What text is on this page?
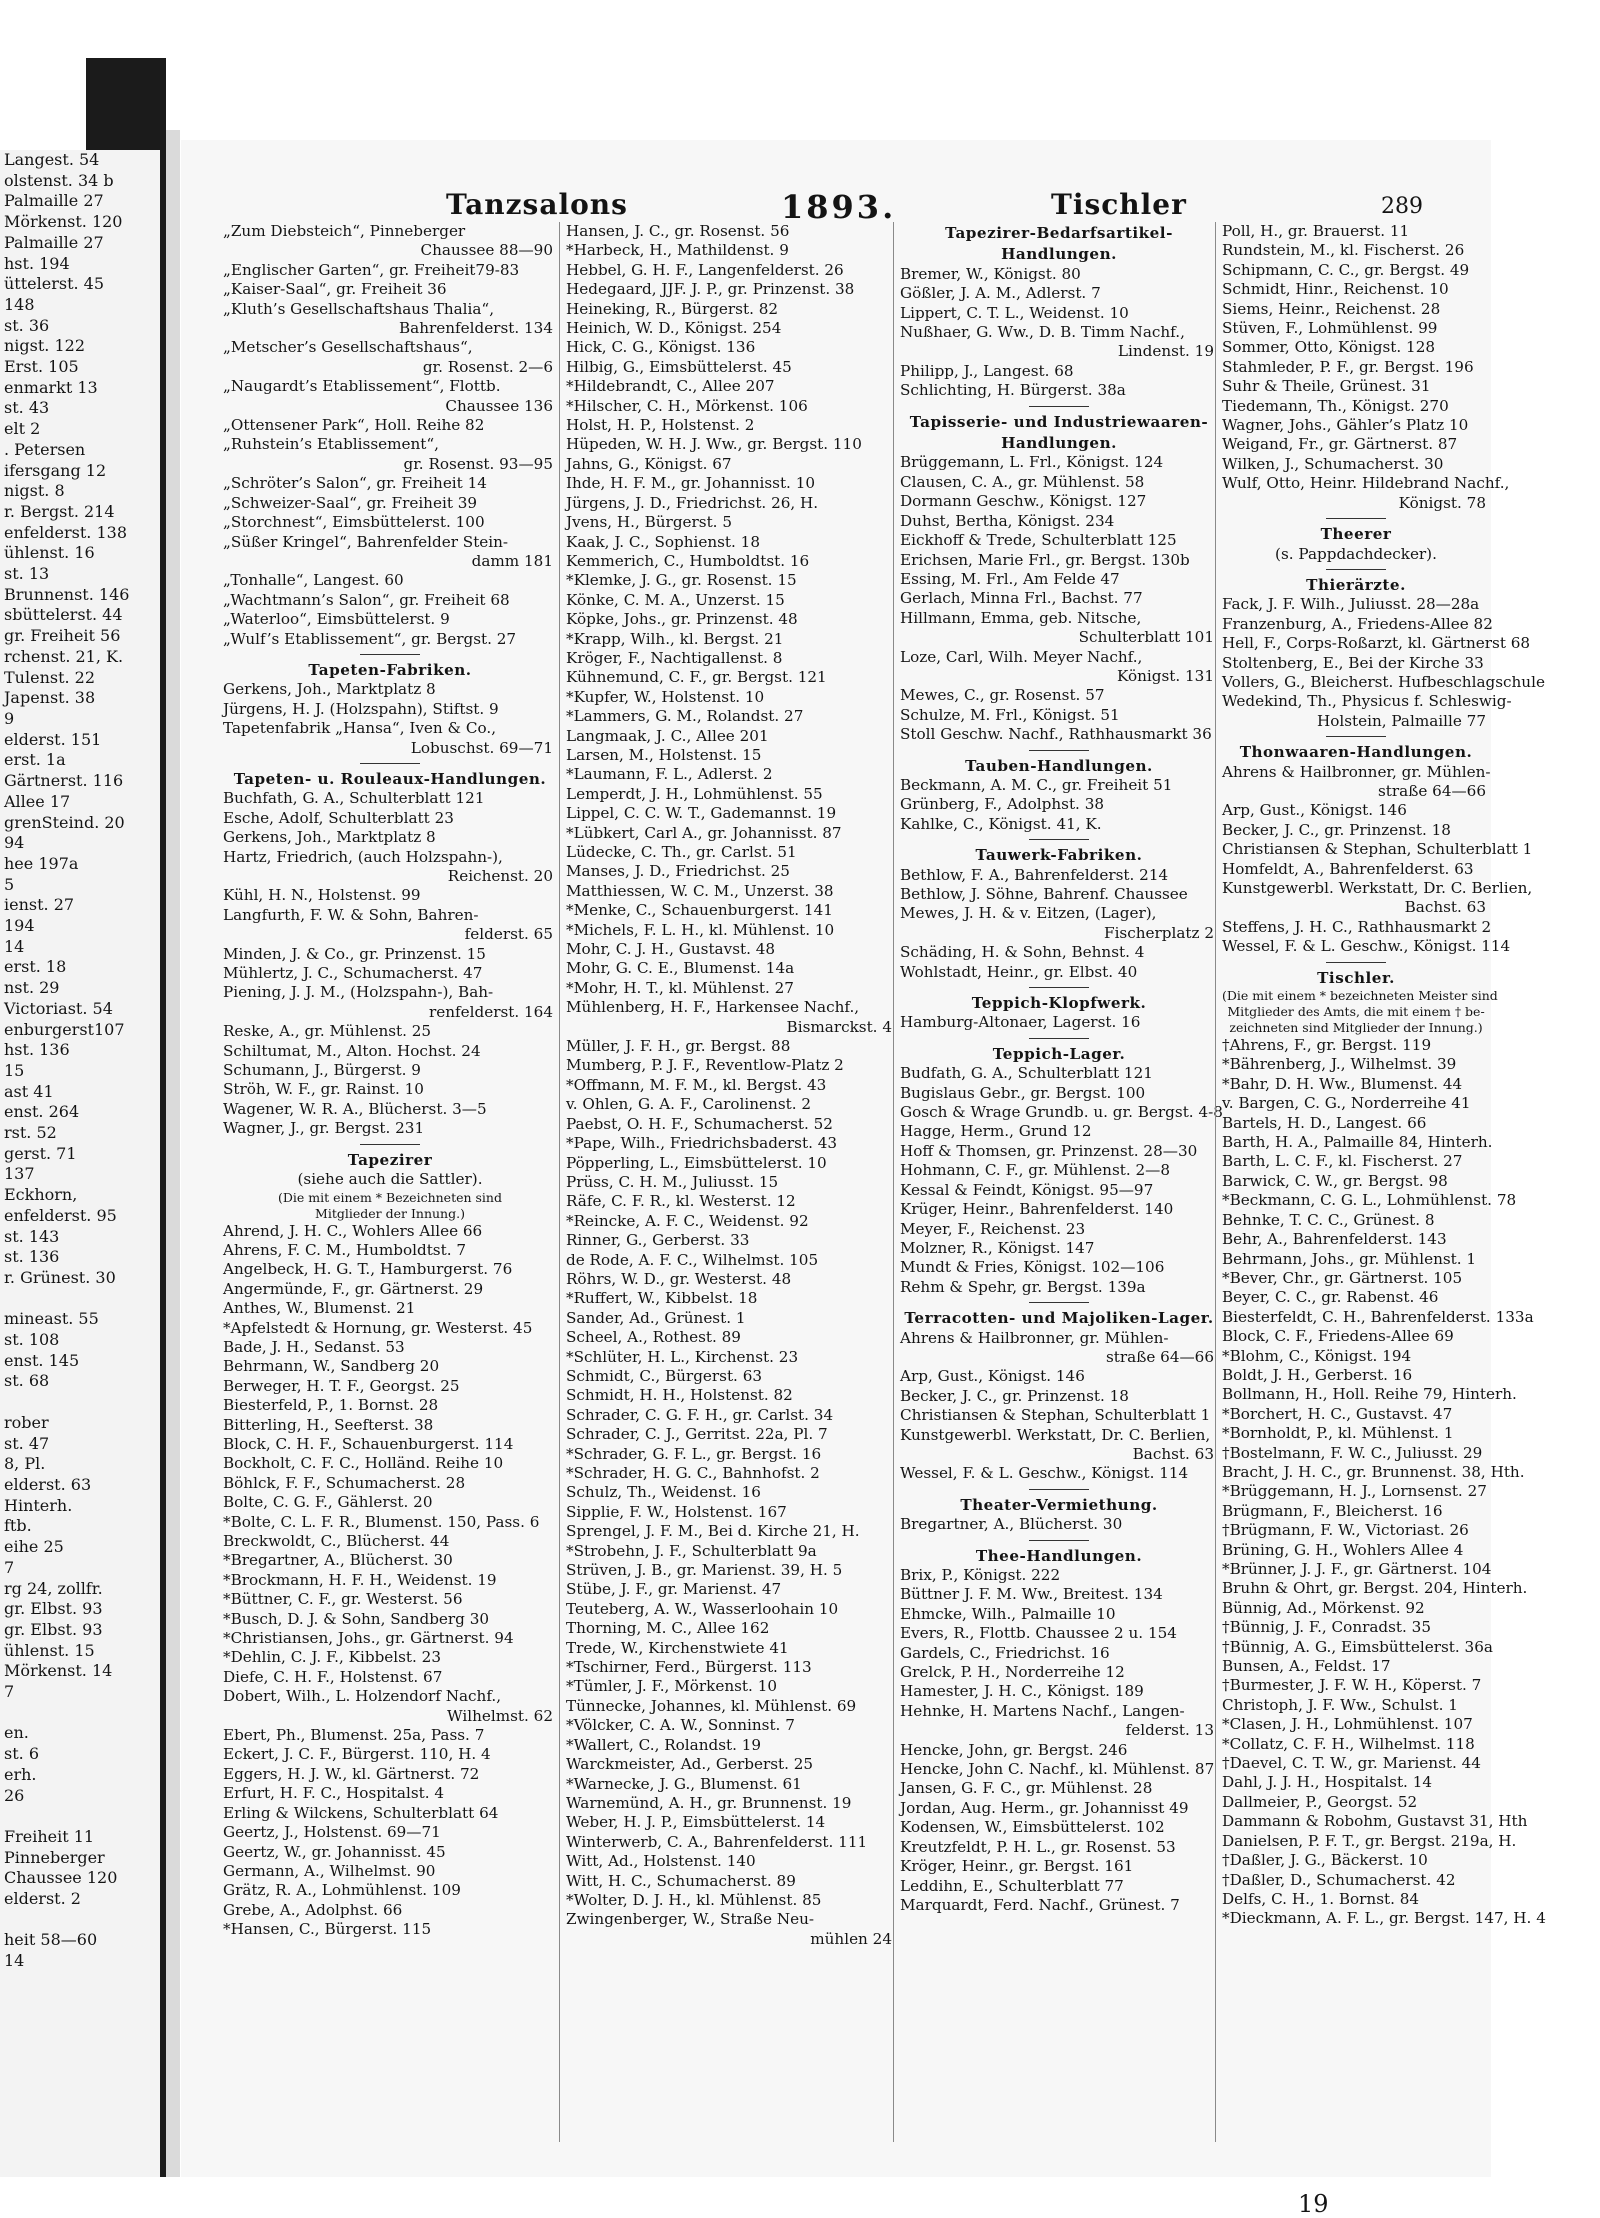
Langest. 54
olstenst. 34 b
Palmaille 27
Mörkenst. 120
Palmaille 27
hst. 194
üttelerst. 45
148
st. 36
nigst. 122
Erst. 105
enmarkt 13
st. 43
elt 2
. Petersen
ifersgang 12
nigst. 8
r. Bergst. 214
enfelderst. 138
ühlenst. 16
st. 13
Brunnenst. 146
sbüttelerst. 44
gr. Freiheit 56
rchenst. 21, K.
Tulenst. 22
Japenst. 38
9
elderst. 151
erst. 1a
Gärtnerst. 116
Allee 17
grenSteind. 20
94
hee 197a
5
ienst. 27
194
14
erst. 18
nst. 29
Victoriast. 54
enburgerst107
hst. 136
15
ast 41
enst. 264
rst. 52
gerst. 71
137
Eckhorn,
enfelderst. 95
st. 143
st. 136
r. Grünest. 30

mineast. 55
st. 108
enst. 145
st. 68

rober
st. 47
8, Pl.
elderst. 63
Hinterh.
ftb.
eihe 25
7
rg 24, zollfr.
gr. Elbst. 93
gr. Elbst. 93
ühlenst. 15
Mörkenst. 14
7

en.
st. 6
erh.
26

Freiheit 11
Pinneberger
Chaussee 120
elderst. 2

heit 58—60
14
Tanzsalons	1893.	Tischler	289
„Zum Diebsteich“, Pinneberger
Chaussee 88—90
„Englischer Garten“, gr. Freiheit79-83
„Kaiser-Saal“, gr. Freiheit 36
„Kluth’s Gesellschaftshaus Thalia“,
Bahrenfelderst. 134
„Metscher’s Gesellschaftshaus“,
gr. Rosenst. 2—6
„Naugardt’s Etablissement“, Flottb.
Chaussee 136
„Ottensener Park“, Holl. Reihe 82
„Ruhstein’s Etablissement“,
gr. Rosenst. 93—95
„Schröter’s Salon“, gr. Freiheit 14
„Schweizer-Saal“, gr. Freiheit 39
„Storchnest“, Eimsbüttelerst. 100
„Süßer Kringel“, Bahrenfelder Stein-
damm 181
„Tonhalle“, Langest. 60
„Wachtmann’s Salon“, gr. Freiheit 68
„Waterloo“, Eimsbüttelerst. 9
„Wulf’s Etablissement“, gr. Bergst. 27
Tapeten-Fabriken.
Gerkens, Joh., Marktplatz 8
Jürgens, H. J. (Holzspahn), Stiftst. 9
Tapetenfabrik „Hansa“, Iven & Co.,
Lobuschst. 69—71
Tapeten- u. Rouleaux-Handlungen.
Buchfath, G. A., Schulterblatt 121
Esche, Adolf, Schulterblatt 23
Gerkens, Joh., Marktplatz 8
Hartz, Friedrich, (auch Holzspahn-),
Reichenst. 20
Kühl, H. N., Holstenst. 99
Langfurth, F. W. & Sohn, Bahren-
felderst. 65
Minden, J. & Co., gr. Prinzenst. 15
Mühlertz, J. C., Schumacherst. 47
Piening, J. J. M., (Holzspahn-), Bah-
renfelderst. 164
Reske, A., gr. Mühlenst. 25
Schiltumat, M., Alton. Hochst. 24
Schumann, J., Bürgerst. 9
Ströh, W. F., gr. Rainst. 10
Wagener, W. R. A., Blücherst. 3—5
Wagner, J., gr. Bergst. 231
Tapezirer
(siehe auch die Sattler).
(Die mit einem * Bezeichneten sind
Mitglieder der Innung.)
Ahrend, J. H. C., Wohlers Allee 66
Ahrens, F. C. M., Humboldtst. 7
Angelbeck, H. G. T., Hamburgerst. 76
Angermünde, F., gr. Gärtnerst. 29
Anthes, W., Blumenst. 21
*Apfelstedt & Hornung, gr. Westerst. 45
Bade, J. H., Sedanst. 53
Behrmann, W., Sandberg 20
Berweger, H. T. F., Georgst. 25
Biesterfeld, P., 1. Bornst. 28
Bitterling, H., Seefterst. 38
Block, C. H. F., Schauenburgerst. 114
Bockholt, C. F. C., Holländ. Reihe 10
Böhlck, F. F., Schumacherst. 28
Bolte, C. G. F., Gählerst. 20
*Bolte, C. L. F. R., Blumenst. 150, Pass. 6
Breckwoldt, C., Blücherst. 44
*Bregartner, A., Blücherst. 30
*Brockmann, H. F. H., Weidenst. 19
*Büttner, C. F., gr. Westerst. 56
*Busch, D. J. & Sohn, Sandberg 30
*Christiansen, Johs., gr. Gärtnerst. 94
*Dehlin, C. J. F., Kibbelst. 23
Diefe, C. H. F., Holstenst. 67
Dobert, Wilh., L. Holzendorf Nachf.,
Wilhelmst. 62
Ebert, Ph., Blumenst. 25a, Pass. 7
Eckert, J. C. F., Bürgerst. 110, H. 4
Eggers, H. J. W., kl. Gärtnerst. 72
Erfurt, H. F. C., Hospitalst. 4
Erling & Wilckens, Schulterblatt 64
Geertz, J., Holstenst. 69—71
Geertz, W., gr. Johannisst. 45
Germann, A., Wilhelmst. 90
Grätz, R. A., Lohmühlenst. 109
Grebe, A., Adolphst. 66
*Hansen, C., Bürgerst. 115
Hansen, J. C., gr. Rosenst. 56
*Harbeck, H., Mathildenst. 9
Hebbel, G. H. F., Langenfelderst. 26
Hedegaard, JJF. J. P., gr. Prinzenst. 38
Heineking, R., Bürgerst. 82
Heinich, W. D., Königst. 254
Hick, C. G., Königst. 136
Hilbig, G., Eimsbüttelerst. 45
*Hildebrandt, C., Allee 207
*Hilscher, C. H., Mörkenst. 106
Holst, H. P., Holstenst. 2
Hüpeden, W. H. J. Ww., gr. Bergst. 110
Jahns, G., Königst. 67
Ihde, H. F. M., gr. Johannisst. 10
Jürgens, J. D., Friedrichst. 26, H.
Jvens, H., Bürgerst. 5
Kaak, J. C., Sophienst. 18
Kemmerich, C., Humboldtst. 16
*Klemke, J. G., gr. Rosenst. 15
Könke, C. M. A., Unzerst. 15
Köpke, Johs., gr. Prinzenst. 48
*Krapp, Wilh., kl. Bergst. 21
Kröger, F., Nachtigallenst. 8
Kühnemund, C. F., gr. Bergst. 121
*Kupfer, W., Holstenst. 10
*Lammers, G. M., Rolandst. 27
Langmaak, J. C., Allee 201
Larsen, M., Holstenst. 15
*Laumann, F. L., Adlerst. 2
Lemperdt, J. H., Lohmühlenst. 55
Lippel, C. C. W. T., Gademannst. 19
*Lübkert, Carl A., gr. Johannisst. 87
Lüdecke, C. Th., gr. Carlst. 51
Manses, J. D., Friedrichst. 25
Matthiessen, W. C. M., Unzerst. 38
*Menke, C., Schauenburgerst. 141
*Michels, F. L. H., kl. Mühlenst. 10
Mohr, C. J. H., Gustavst. 48
Mohr, G. C. E., Blumenst. 14a
*Mohr, H. T., kl. Mühlenst. 27
Mühlenberg, H. F., Harkensee Nachf.,
Bismarckst. 4
Müller, J. F. H., gr. Bergst. 88
Mumberg, P. J. F., Reventlow-Platz 2
*Offmann, M. F. M., kl. Bergst. 43
v. Ohlen, G. A. F., Carolinenst. 2
Paebst, O. H. F., Schumacherst. 52
*Pape, Wilh., Friedrichsbaderst. 43
Pöpperling, L., Eimsbüttelerst. 10
Prüss, C. H. M., Juliusst. 15
Räfe, C. F. R., kl. Westerst. 12
*Reincke, A. F. C., Weidenst. 92
Rinner, G., Gerberst. 33
de Rode, A. F. C., Wilhelmst. 105
Röhrs, W. D., gr. Westerst. 48
*Ruffert, W., Kibbelst. 18
Sander, Ad., Grünest. 1
Scheel, A., Rothest. 89
*Schlüter, H. L., Kirchenst. 23
Schmidt, C., Bürgerst. 63
Schmidt, H. H., Holstenst. 82
Schrader, C. G. F. H., gr. Carlst. 34
Schrader, C. J., Gerritst. 22a, Pl. 7
*Schrader, G. F. L., gr. Bergst. 16
*Schrader, H. G. C., Bahnhofst. 2
Schulz, Th., Weidenst. 16
Sipplie, F. W., Holstenst. 167
Sprengel, J. F. M., Bei d. Kirche 21, H.
*Strobehn, J. F., Schulterblatt 9a
Strüven, J. B., gr. Marienst. 39, H. 5
Stübe, J. F., gr. Marienst. 47
Teuteberg, A. W., Wasserloohain 10
Thorning, M. C., Allee 162
Trede, W., Kirchenstwiete 41
*Tschirner, Ferd., Bürgerst. 113
*Tümler, J. F., Mörkenst. 10
Tünnecke, Johannes, kl. Mühlenst. 69
*Völcker, C. A. W., Sonninst. 7
*Wallert, C., Rolandst. 19
Warckmeister, Ad., Gerberst. 25
*Warnecke, J. G., Blumenst. 61
Warnemünd, A. H., gr. Brunnenst. 19
Weber, H. J. P., Eimsbüttelerst. 14
Winterwerb, C. A., Bahrenfelderst. 111
Witt, Ad., Holstenst. 140
Witt, H. C., Schumacherst. 89
*Wolter, D. J. H., kl. Mühlenst. 85
Zwingenberger, W., Straße Neu-
mühlen 24
Tapezirer-Bedarfsartikel-
Handlungen.
Bremer, W., Königst. 80
Gößler, J. A. M., Adlerst. 7
Lippert, C. T. L., Weidenst. 10
Nußhaer, G. Ww., D. B. Timm Nachf.,
Lindenst. 19
Philipp, J., Langest. 68
Schlichting, H. Bürgerst. 38a
Tapisserie- und Industriewaaren-
Handlungen.
Brüggemann, L. Frl., Königst. 124
Clausen, C. A., gr. Mühlenst. 58
Dormann Geschw., Königst. 127
Duhst, Bertha, Königst. 234
Eickhoff & Trede, Schulterblatt 125
Erichsen, Marie Frl., gr. Bergst. 130b
Essing, M. Frl., Am Felde 47
Gerlach, Minna Frl., Bachst. 77
Hillmann, Emma, geb. Nitsche,
Schulterblatt 101
Loze, Carl, Wilh. Meyer Nachf.,
Königst. 131
Mewes, C., gr. Rosenst. 57
Schulze, M. Frl., Königst. 51
Stoll Geschw. Nachf., Rathhausmarkt 36
Tauben-Handlungen.
Beckmann, A. M. C., gr. Freiheit 51
Grünberg, F., Adolphst. 38
Kahlke, C., Königst. 41, K.
Tauwerk-Fabriken.
Bethlow, F. A., Bahrenfelderst. 214
Bethlow, J. Söhne, Bahrenf. Chaussee
Mewes, J. H. & v. Eitzen, (Lager),
Fischerplatz 2
Schäding, H. & Sohn, Behnst. 4
Wohlstadt, Heinr., gr. Elbst. 40
Teppich-Klopfwerk.
Hamburg-Altonaer, Lagerst. 16
Teppich-Lager.
Budfath, G. A., Schulterblatt 121
Bugislaus Gebr., gr. Bergst. 100
Gosch & Wrage Grundb. u. gr. Bergst. 4-8
Hagge, Herm., Grund 12
Hoff & Thomsen, gr. Prinzenst. 28—30
Hohmann, C. F., gr. Mühlenst. 2—8
Kessal & Feindt, Königst. 95—97
Krüger, Heinr., Bahrenfelderst. 140
Meyer, F., Reichenst. 23
Molzner, R., Königst. 147
Mundt & Fries, Königst. 102—106
Rehm & Spehr, gr. Bergst. 139a
Terracotten- und Majoliken-Lager.
Ahrens & Hailbronner, gr. Mühlen-
straße 64—66
Arp, Gust., Königst. 146
Becker, J. C., gr. Prinzenst. 18
Christiansen & Stephan, Schulterblatt 1
Kunstgewerbl. Werkstatt, Dr. C. Berlien,
Bachst. 63
Wessel, F. & L. Geschw., Königst. 114
Theater-Vermiethung.
Bregartner, A., Blücherst. 30
Thee-Handlungen.
Brix, P., Königst. 222
Büttner J. F. M. Ww., Breitest. 134
Ehmcke, Wilh., Palmaille 10
Evers, R., Flottb. Chaussee 2 u. 154
Gardels, C., Friedrichst. 16
Grelck, P. H., Norderreihe 12
Hamester, J. H. C., Königst. 189
Hehnke, H. Martens Nachf., Langen-
felderst. 13
Hencke, John, gr. Bergst. 246
Hencke, John C. Nachf., kl. Mühlenst. 87
Jansen, G. F. C., gr. Mühlenst. 28
Jordan, Aug. Herm., gr. Johannisst 49
Kodensen, W., Eimsbüttelerst. 102
Kreutzfeldt, P. H. L., gr. Rosenst. 53
Kröger, Heinr., gr. Bergst. 161
Leddihn, E., Schulterblatt 77
Marquardt, Ferd. Nachf., Grünest. 7
Poll, H., gr. Brauerst. 11
Rundstein, M., kl. Fischerst. 26
Schipmann, C. C., gr. Bergst. 49
Schmidt, Hinr., Reichenst. 10
Siems, Heinr., Reichenst. 28
Stüven, F., Lohmühlenst. 99
Sommer, Otto, Königst. 128
Stahmleder, P. F., gr. Bergst. 196
Suhr & Theile, Grünest. 31
Tiedemann, Th., Königst. 270
Wagner, Johs., Gähler’s Platz 10
Weigand, Fr., gr. Gärtnerst. 87
Wilken, J., Schumacherst. 30
Wulf, Otto, Heinr. Hildebrand Nachf.,
Königst. 78
Theerer
(s. Pappdachdecker).
Thierärzte.
Fack, J. F. Wilh., Juliusst. 28—28a
Franzenburg, A., Friedens-Allee 82
Hell, F., Corps-Roßarzt, kl. Gärtnerst 68
Stoltenberg, E., Bei der Kirche 33
Vollers, G., Bleicherst. Hufbeschlagschule
Wedekind, Th., Physicus f. Schleswig-
Holstein, Palmaille 77
Thonwaaren-Handlungen.
Ahrens & Hailbronner, gr. Mühlen-
straße 64—66
Arp, Gust., Königst. 146
Becker, J. C., gr. Prinzenst. 18
Christiansen & Stephan, Schulterblatt 1
Homfeldt, A., Bahrenfelderst. 63
Kunstgewerbl. Werkstatt, Dr. C. Berlien,
Bachst. 63
Steffens, J. H. C., Rathhausmarkt 2
Wessel, F. & L. Geschw., Königst. 114
Tischler.
(Die mit einem * bezeichneten Meister sind
Mitglieder des Amts, die mit einem † be-
zeichneten sind Mitglieder der Innung.)
†Ahrens, F., gr. Bergst. 119
*Bährenberg, J., Wilhelmst. 39
*Bahr, D. H. Ww., Blumenst. 44
v. Bargen, C. G., Norderreihe 41
Bartels, H. D., Langest. 66
Barth, H. A., Palmaille 84, Hinterh.
Barth, L. C. F., kl. Fischerst. 27
Barwick, C. W., gr. Bergst. 98
*Beckmann, C. G. L., Lohmühlenst. 78
Behnke, T. C. C., Grünest. 8
Behr, A., Bahrenfelderst. 143
Behrmann, Johs., gr. Mühlenst. 1
*Bever, Chr., gr. Gärtnerst. 105
Beyer, C. C., gr. Rabenst. 46
Biesterfeldt, C. H., Bahrenfelderst. 133a
Block, C. F., Friedens-Allee 69
*Blohm, C., Königst. 194
Boldt, J. H., Gerberst. 16
Bollmann, H., Holl. Reihe 79, Hinterh.
*Borchert, H. C., Gustavst. 47
*Bornholdt, P., kl. Mühlenst. 1
†Bostelmann, F. W. C., Juliusst. 29
Bracht, J. H. C., gr. Brunnenst. 38, Hth.
*Brüggemann, H. J., Lornsenst. 27
Brügmann, F., Bleicherst. 16
†Brügmann, F. W., Victoriast. 26
Brüning, G. H., Wohlers Allee 4
*Brünner, J. J. F., gr. Gärtnerst. 104
Bruhn & Ohrt, gr. Bergst. 204, Hinterh.
Bünnig, Ad., Mörkenst. 92
†Bünnig, J. F., Conradst. 35
†Bünnig, A. G., Eimsbüttelerst. 36a
Bunsen, A., Feldst. 17
†Burmester, J. F. W. H., Köperst. 7
Christoph, J. F. Ww., Schulst. 1
*Clasen, J. H., Lohmühlenst. 107
*Collatz, C. F. H., Wilhelmst. 118
†Daevel, C. T. W., gr. Marienst. 44
Dahl, J. J. H., Hospitalst. 14
Dallmeier, P., Georgst. 52
Dammann & Robohm, Gustavst 31, Hth
Danielsen, P. F. T., gr. Bergst. 219a, H.
†Daßler, J. G., Bäckerst. 10
†Daßler, D., Schumacherst. 42
Delfs, C. H., 1. Bornst. 84
*Dieckmann, A. F. L., gr. Bergst. 147, H. 4
19
